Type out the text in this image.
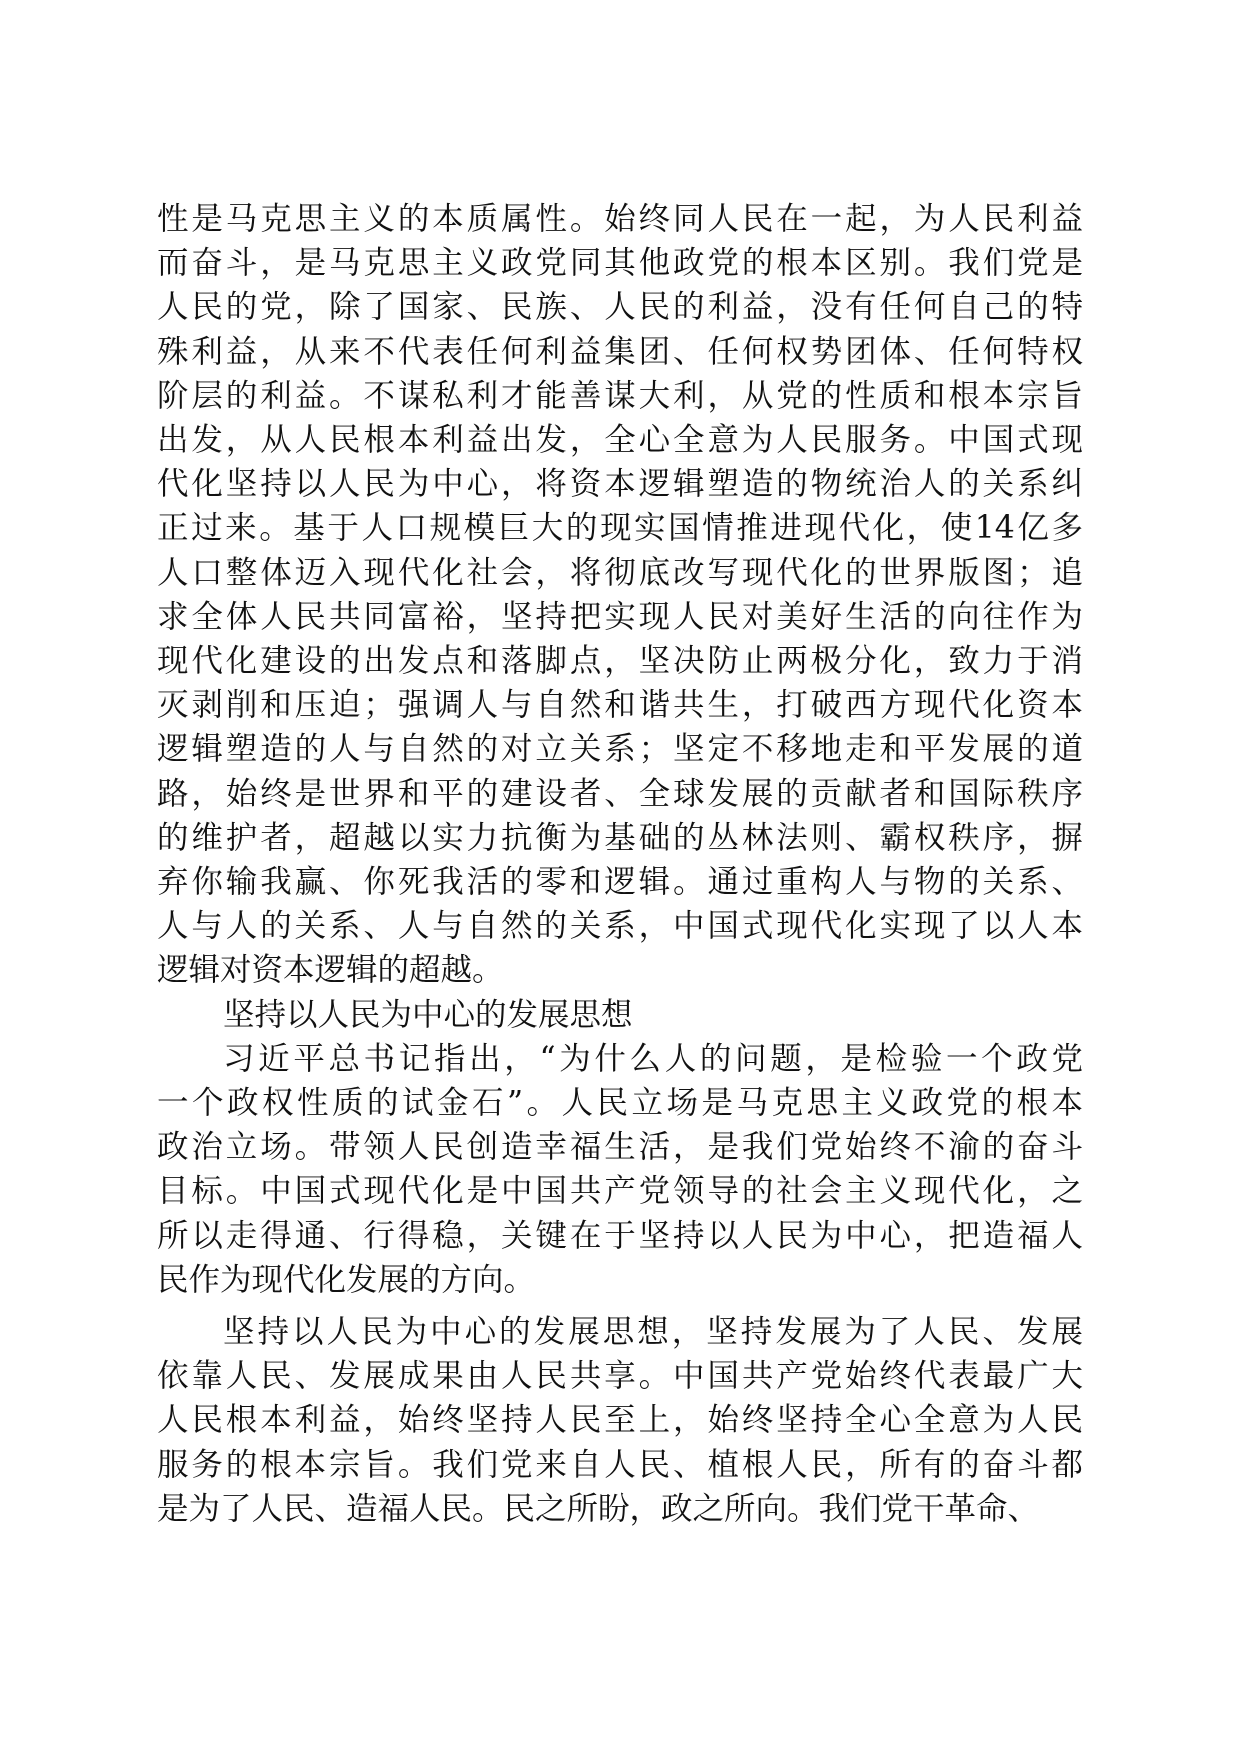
性是马克思主义的本质属性。始终同人民在一起，为人民利益
而奋斗，是马克思主义政党同其他政党的根本区别。我们党是
人民的党，除了国家、民族、人民的利益，没有任何自己的特
殊利益，从来不代表任何利益集团、任何权势团体、任何特权
阶层的利益。不谋私利才能善谋大利，从党的性质和根本宗旨
出发，从人民根本利益出发，全心全意为人民服务。中国式现
代化坚持以人民为中心，将资本逻辑塑造的物统治人的关系纠
正过来。基于人口规模巨大的现实国情推进现代化，使14亿多
人口整体迈入现代化社会，将彻底改写现代化的世界版图；追
求全体人民共同富裕，坚持把实现人民对美好生活的向往作为
现代化建设的出发点和落脚点，坚决防止两极分化，致力于消
灭剥削和压迫；强调人与自然和谐共生，打破西方现代化资本
逻辑塑造的人与自然的对立关系；坚定不移地走和平发展的道
路，始终是世界和平的建设者、全球发展的贡献者和国际秩序
的维护者，超越以实力抗衡为基础的丛林法则、霸权秩序，摒
弃你输我赢、你死我活的零和逻辑。通过重构人与物的关系、
人与人的关系、人与自然的关系，中国式现代化实现了以人本
逻辑对资本逻辑的超越。
坚持以人民为中心的发展思想
习近平总书记指出，“为什么人的问题，是检验一个政党
一个政权性质的试金石”。人民立场是马克思主义政党的根本
政治立场。带领人民创造幸福生活，是我们党始终不渝的奋斗
目标。中国式现代化是中国共产党领导的社会主义现代化，之
所以走得通、行得稳，关键在于坚持以人民为中心，把造福人
民作为现代化发展的方向。
坚持以人民为中心的发展思想，坚持发展为了人民、发展
依靠人民、发展成果由人民共享。中国共产党始终代表最广大
人民根本利益，始终坚持人民至上，始终坚持全心全意为人民
服务的根本宗旨。我们党来自人民、植根人民，所有的奋斗都
是为了人民、造福人民。民之所盼，政之所向。我们党干革命、
